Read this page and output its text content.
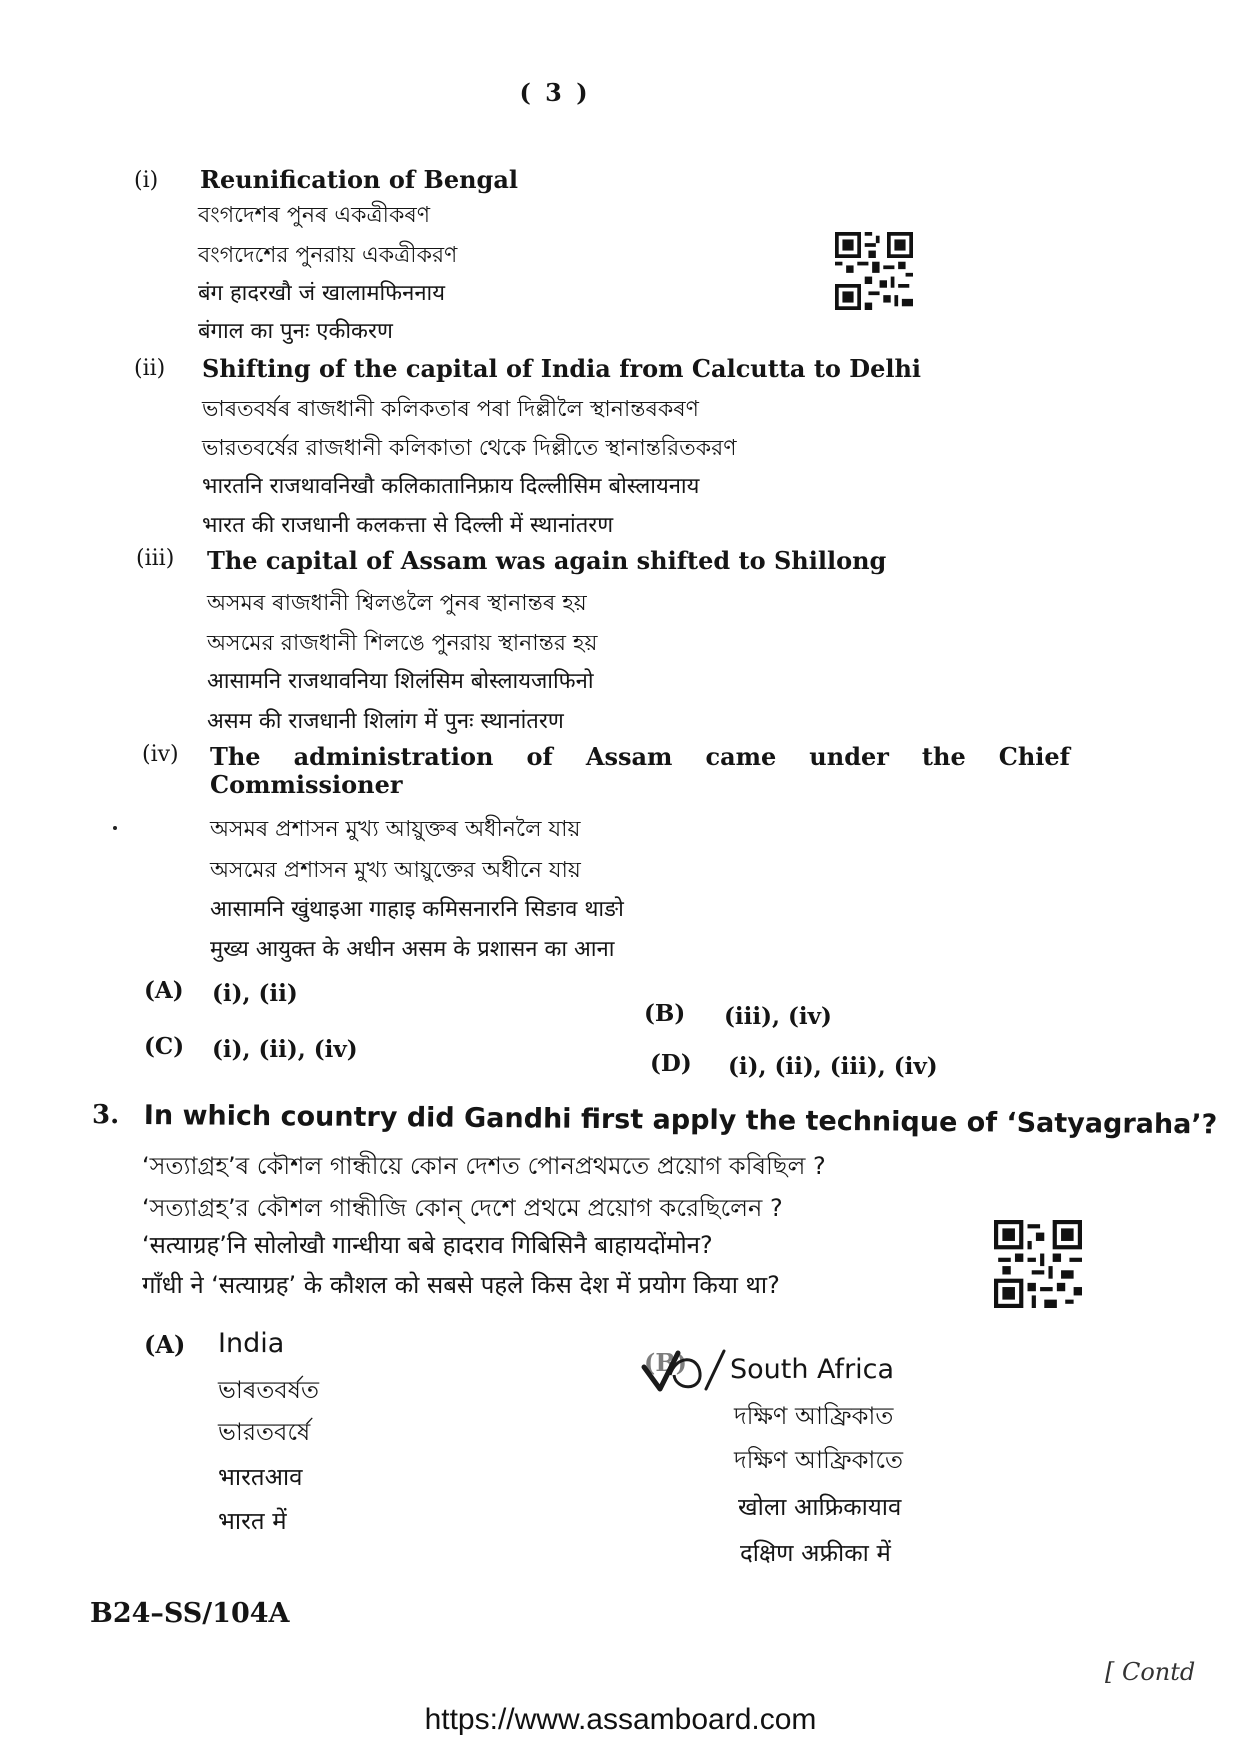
( 3 )
(i) Reunification of Bengal
বংগদেশৰ পুনৰ একত্ৰীকৰণ
বংগদেশের পুনরায় একত্রীকরণ
बंग हादरखौ जं खालामफिननाय
बंगाल का पुनः एकीकरण
(ii) Shifting of the capital of India from Calcutta to Delhi
ভাৰতবৰ্ষৰ ৰাজধানী কলিকতাৰ পৰা দিল্লীলৈ স্থানান্তৰকৰণ
ভারতবর্ষের রাজধানী কলিকাতা থেকে দিল্লীতে স্থানান্তরিতকরণ
भारतनि राजथावनिखौ कलिकातानिफ्राय दिल्लीसिम बोस्लायनाय
भारत की राजधानी कलकत्ता से दिल्ली में स्थानांतरण
(iii) The capital of Assam was again shifted to Shillong
অসমৰ ৰাজধানী শ্বিলঙলৈ পুনৰ স্থানান্তৰ হয়
অসমের রাজধানী শিলঙে পুনরায় স্থানান্তর হয়
आसामनि राजथावनिया शिलंसिम बोस्लायजाफिनो
असम की राजधानी शिलांग में पुनः स्थानांतरण
(iv) The administration of Assam came under the Chief
Commissioner
অসমৰ প্ৰশাসন মুখ্য আয়ুক্তৰ অধীনলৈ যায়
অসমের প্রশাসন মুখ্য আয়ুক্তের অধীনে যায়
आसामनि खुंथाइआ गाहाइ कमिसनारनि सिङाव थाङो
मुख्य आयुक्त के अधीन असम के प्रशासन का आना
(A) (i), (ii)
(B) (iii), (iv)
(C) (i), (ii), (iv)
(D) (i), (ii), (iii), (iv)
3. In which country did Gandhi first apply the technique of ‘Satyagraha’?
‘সত্যাগ্ৰহ’ৰ কৌশল গান্ধীয়ে কোন দেশত পোনপ্ৰথমতে প্ৰয়োগ কৰিছিল ?
‘সত্যাগ্রহ’র কৌশল গান্ধীজি কোন্ দেশে প্রথমে প্রয়োগ করেছিলেন ?
‘सत्याग्रह’नि सोलोखौ गान्धीया बबे हादराव गिबिसिनै बाहायदोंमोन?
गाँधी ने ‘सत्याग्रह’ के कौशल को सबसे पहले किस देश में प्रयोग किया था?
(A) India
ভাৰতবৰ্ষত
ভারতবর্ষে
भारतआव
भारत में
(B) South Africa
দক্ষিণ আফ্ৰিকাত
দক্ষিণ আফ্রিকাতে
खोला आफ्रिकायाव
दक्षिण अफ्रीका में
B24–SS/104A
[ Contd
https://www.assamboard.com
